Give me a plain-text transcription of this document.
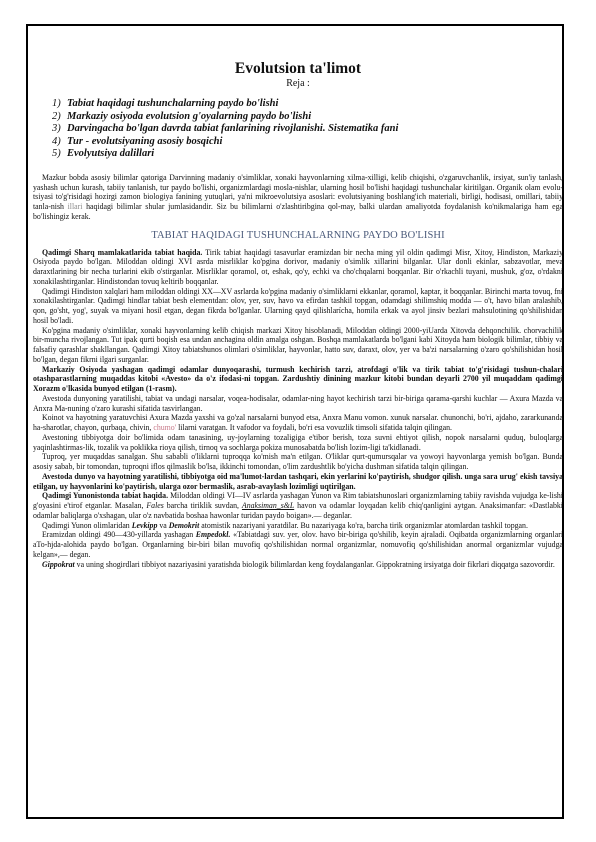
Evolutsion ta'limot
Reja :
1) Tabiat haqidagi tushunchalarning paydo bo'lishi
2) Markaziy osiyoda evolutsion g'oyalarning paydo bo'lishi
3) Darvingacha bo'lgan davrda tabiat fanlarining rivojlanishi. Sistematika fani
4) Tur - evolutsiyaning asosiy bosqichi
5) Evolyutsiya dalillari

Mazkur bobda asosiy bilimlar qatoriga Darvinning madaniy o'simliklar, xonaki hayvonlarning xilma-xilligi, kelib chiqishi, o'zgaruvchanlik, irsiyat, sun'iy tanlash, yashash uchun kurash, tabiiy tanlanish, tur paydo bo'lishi, organizmlardagi mosla-nishlar, ularning hosil bo'lishi haqidagi tushunchalar kiritilgan. Organik olam evolu-tsiyasi to'g'risidagi hozirgi zamon biologiya fanining yutuqlari, ya'ni mikroevolutsiya asoslari: evolutsiyaning boshlang'ich materiali, birligi, hodisasi, omillari, tabiiy tanla-nish illari haqidagi bilimlar shular jumlasidandir. Siz bu bilimlarni o'zlashtiribgina qol-may, balki ulardan amaliyotda foydalanish ko'nikmalariga ham ega bo'lishingiz kerak.

TABIAT HAQIDAGI TUSHUNCHALARNING PAYDO BO'LISHI

Qadimgi Sharq mamlakatlarida tabiat haqida. Tirik tabiat haqidagi tasavurlar eramizdan bir necha ming yil oldin qadimgi Misr, Xitoy, Hindiston, Markaziy Osiyoda paydo bo'lgan. Miloddan oldingi XVI asrda misrliklar ko'pgina dorivor, madaniy o'simlik xillarini bilganlar. Ular donli ekinlar, sabzavotlar, meva daraxtlarining bir necha turlarini ekib o'stirganlar. Misrliklar qoramol, ot, eshak, qo'y, echki va cho'chqalarni boqqanlar. Bir o'rkachli tuyani, mushuk, g'oz, o'rdakni xonakilashtirganlar. Hindistondan tovuq keltirib boqqanlar.

Qadimgi Hindiston xalqlari ham miloddan oldingi XX—XV asrlarda ko'pgina madaniy o'simliklarni ekkanlar, qoramol, kaptar, it boqqanlar. Birinchi marta tovuq, fni xonakilashtirganlar. Qadimgi hindlar tabiat besh elementdan: olov, yer, suv, havo va efirdan tashkil topgan, odamdagi shilimshiq modda — o't, havo bilan aralashib, qon, go'sht, yog', suyak va miyani hosil etgan, degan fikrda bo'lganlar. Ularning qayd qilishlarícha, homila erkak va ayol jinsiv bezlari mahsulotining qo'shilishidan hosil bo'ladi.

Ko'pgina madaniy o'simliklar, xonaki hayvonlarning kelib chiqish markazi Xitoy hisoblanadi, Miloddan oldingi 2000-yiUarda Xitovda dehqonchilik. chorvachilik bir-muncha rivojlangan. Tut ipak qurti boqish esa undan anchagina oldin amalga oshgan. Boshqa mamlakatlarda bo'lgani kabi Xitoyda ham biologik bilimlar, tibbiy va falsafiy qarashlar shakllangan. Qadimgi Xitoy tabiatshunos olimlari o'simliklar, hayvonlar, hatto suv, daraxt, olov, yer va ba'zi narsalarning o'zaro qo'shilishidan hosil bo'lgan, degan fikrni ilgari surganlar.

Markaziy Osiyoda yashagan qadimgi odamlar dunyoqarashi, turmush kechirish tarzi, atrofdagi o'lik va tirik tabiat to'g'risidagi tushun-chalari otashparastlarning muqaddas kitobi «Avesto» da o'z ifodasi-ni topgan. Zardushtiy dinining mazkur kitobi bundan deyarli 2700 yil muqaddam qadimgi Xorazm o'lkasida bunyod etilgan (1-rasm).

Avestoda dunyoning yaratilishi, tabiat va undagi narsalar, voqea-hodisalar, odamlar-ning hayot kechirish tarzi bir-biriga qarama-qarshi kuchlar — Axura Mazda va Anxra Ma-nuning o'zaro kurashi sifatida tasvirlangan.

Koinot va hayotning yaratuvchisi Axura Mazda yaxshi va go'zal narsalarni bunyod etsa, Anxra Manu vomon. xunuk narsalar. chunonchi, bo'ri, ajdaho, zararkunanda ha-sharotlar, chayon, qurbaqa, chivin, chumo' lilarni varatgan. It vafodor va foydali, bo'ri esa vovuzlik timsoli sifatida talqin qilingan.

Avestoning tibbiyotga doir bo'limida odam tanasining, uy-joylarning tozaligiga e'tibor berish, toza suvni ehtiyot qilish, nopok narsalarni quduq, buloqlarga yaqinlashtirmas-lik, tozalik va poklikka rioya qilish, tirnoq va sochlarga pokiza munosabatda bo'lish lozim-ligi ta'kidlanadi.

Tuproq, yer muqaddas sanalgan. Shu sababli o'liklarni tuproqqa ko'mish ma'n etilgan. O'liklar qurt-qumursqalar va yowoyi hayvonlarga yemish bo'lgan. Bunda asosiy sabab, bir tomondan, tuproqni iflos qilmaslik bo'lsa, ikkinchi tomondan, o'lim zardushtlik bo'yicha dushman sifatida talqin qilingan.

Avestoda dunyo va hayotning yaratilishi, tibbiyotga oid ma'lumot-lardan tashqari, ekin yerlarini ko'paytirish, shudgor qilish. unga sara urug' ekish tavsiya etilgan, uy hayvonlarini ko'paytirish, ularga ozor bermaslik, asrab-avaylash lozimligi uqtirilgan.

Qadimgi Yunonistonda tabiat haqida. Miloddan oldingi VI—IV asrlarda yashagan Yunon va Rim tabiatshunoslari organizmlarning tabiiy ravishda vujudga ke-lishi g'oyasini e'tirof etganlar. Masalan, Fales barcha tiriklik suvdan, Anaksiman_s&L havon va odamlar loyqadan kelib chiq'qanligini aytgan. Anaksimanfar: «Dastlabki odamlar baliqlarga o'xshagan, ular o'z navbatida boshaa hawonlar turidan paydo boigan».— deganlar.

Qadimgi Yunon olimlaridan Levkipp va Demokrit atomistik nazariyani yaratdilar. Bu nazariyaga ko'ra, barcha tirik organizmlar atomlardan tashkil topgan.

Eramizdan oldingi 490—430-yillarda yashagan Empedokl. «Tabiatdagi suv. yer, olov. havo bir-biriga qo'shilib, keyin ajraladi. Oqibatda organizmlarning organlari aTo-hjda-alohida paydo bo'lgan. Organlarning bir-biri bilan muvofiq qo'shilishidan normal organizmlar, nomuvofiq qo'shilishidan anormal organizmlar vujudga kelgan»,— degan.

Gippokrat va uning shogirdlari tibbiyot nazariyasini yaratishda biologik bilimlardan keng foydalanganlar. Gippokratning irsiyatga doir fikrlari diqqatga sazovordir.
